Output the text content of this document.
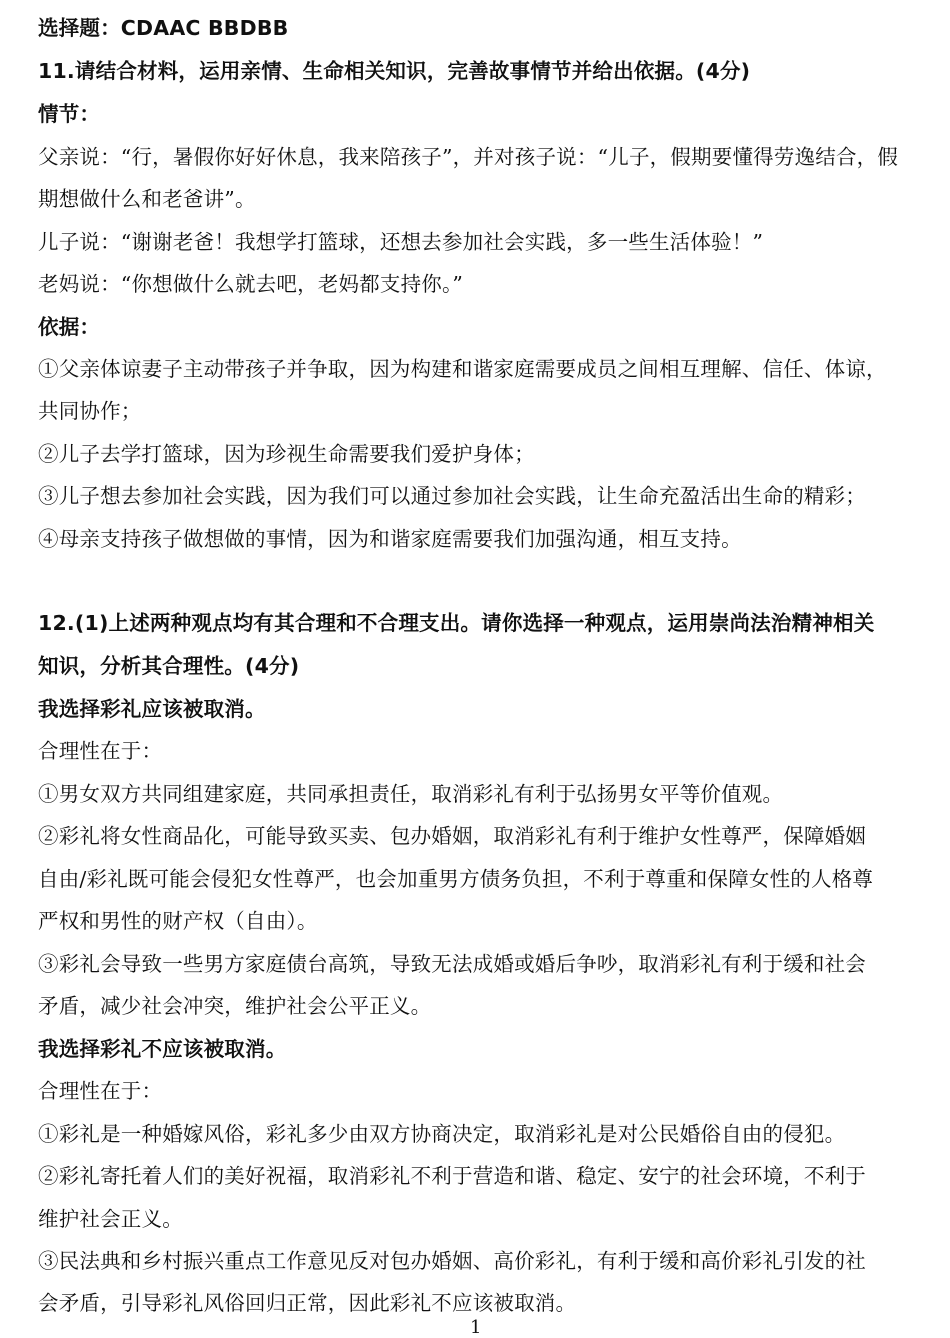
选择题：CDAAC BBDBB
11.请结合材料，运用亲情、生命相关知识，完善故事情节并给出依据。(4分)
情节：
父亲说：“行，暑假你好好休息，我来陪孩子”，并对孩子说：“儿子，假期要懂得劳逸结合，假
期想做什么和老爸讲”。
儿子说：“谢谢老爸！我想学打篮球，还想去参加社会实践，多一些生活体验！”
老妈说：“你想做什么就去吧，老妈都支持你。”
依据：
①父亲体谅妻子主动带孩子并争取，因为构建和谐家庭需要成员之间相互理解、信任、体谅，
共同协作；
②儿子去学打篮球，因为珍视生命需要我们爱护身体；
③儿子想去参加社会实践，因为我们可以通过参加社会实践，让生命充盈活出生命的精彩；
④母亲支持孩子做想做的事情，因为和谐家庭需要我们加强沟通，相互支持。
12.(1)上述两种观点均有其合理和不合理支出。请你选择一种观点，运用崇尚法治精神相关
知识，分析其合理性。(4分)
我选择彩礼应该被取消。
合理性在于：
①男女双方共同组建家庭，共同承担责任，取消彩礼有利于弘扬男女平等价值观。
②彩礼将女性商品化，可能导致买卖、包办婚姻，取消彩礼有利于维护女性尊严，保障婚姻
自由/彩礼既可能会侵犯女性尊严，也会加重男方债务负担，不利于尊重和保障女性的人格尊
严权和男性的财产权（自由）。
③彩礼会导致一些男方家庭债台高筑，导致无法成婚或婚后争吵，取消彩礼有利于缓和社会
矛盾，减少社会冲突，维护社会公平正义。
我选择彩礼不应该被取消。
合理性在于：
①彩礼是一种婚嫁风俗，彩礼多少由双方协商决定，取消彩礼是对公民婚俗自由的侵犯。
②彩礼寄托着人们的美好祝福，取消彩礼不利于营造和谐、稳定、安宁的社会环境，不利于
维护社会正义。
③民法典和乡村振兴重点工作意见反对包办婚姻、高价彩礼，有利于缓和高价彩礼引发的社
会矛盾，引导彩礼风俗回归正常，因此彩礼不应该被取消。
1
